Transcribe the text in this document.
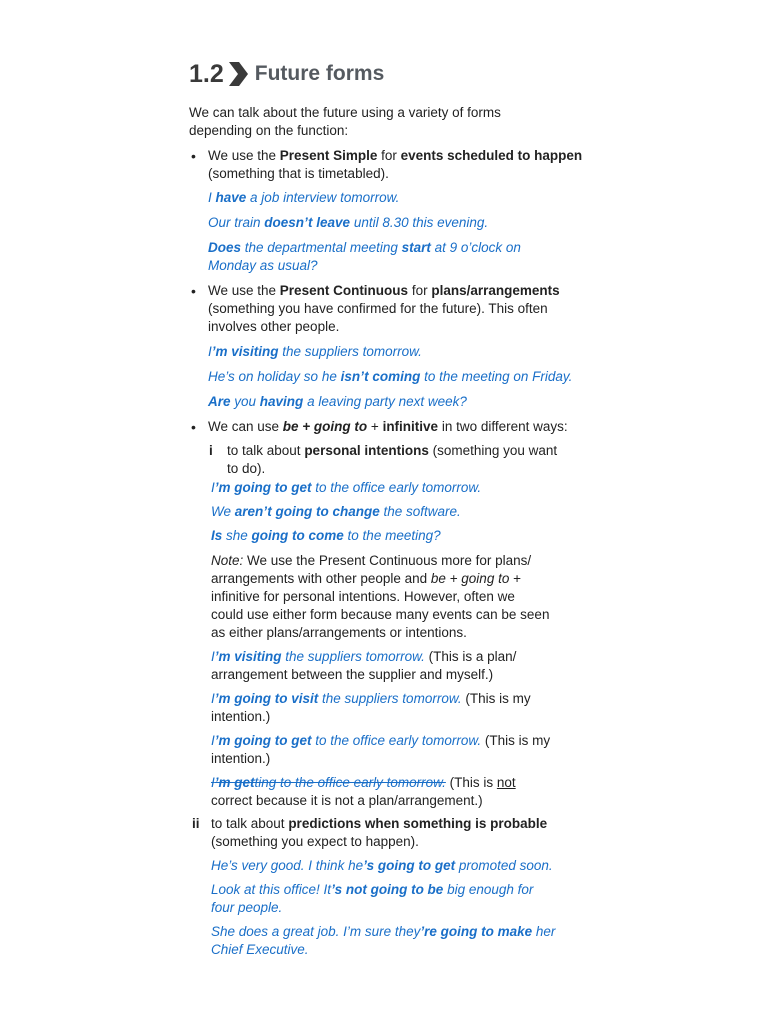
1.2 Future forms
We can talk about the future using a variety of forms
depending on the function:
• We use the Present Simple for events scheduled to happen
(something that is timetabled).
I have a job interview tomorrow.
Our train doesn’t leave until 8.30 this evening.
Does the departmental meeting start at 9 o’clock on
Monday as usual?
• We use the Present Continuous for plans/arrangements
(something you have confirmed for the future). This often
involves other people.
I’m visiting the suppliers tomorrow.
He’s on holiday so he isn’t coming to the meeting on Friday.
Are you having a leaving party next week?
• We can use be + going to + infinitive in two different ways:
i to talk about personal intentions (something you want
to do).
I’m going to get to the office early tomorrow.
We aren’t going to change the software.
Is she going to come to the meeting?
Note: We use the Present Continuous more for plans/
arrangements with other people and be + going to +
infinitive for personal intentions. However, often we
could use either form because many events can be seen
as either plans/arrangements or intentions.
I’m visiting the suppliers tomorrow. (This is a plan/
arrangement between the supplier and myself.)
I’m going to visit the suppliers tomorrow. (This is my
intention.)
I’m going to get to the office early tomorrow. (This is my
intention.)
I’m getting to the office early tomorrow. (This is not
correct because it is not a plan/arrangement.)
ii to talk about predictions when something is probable
(something you expect to happen).
He’s very good. I think he’s going to get promoted soon.
Look at this office! It’s not going to be big enough for
four people.
She does a great job. I’m sure they’re going to make her
Chief Executive.
